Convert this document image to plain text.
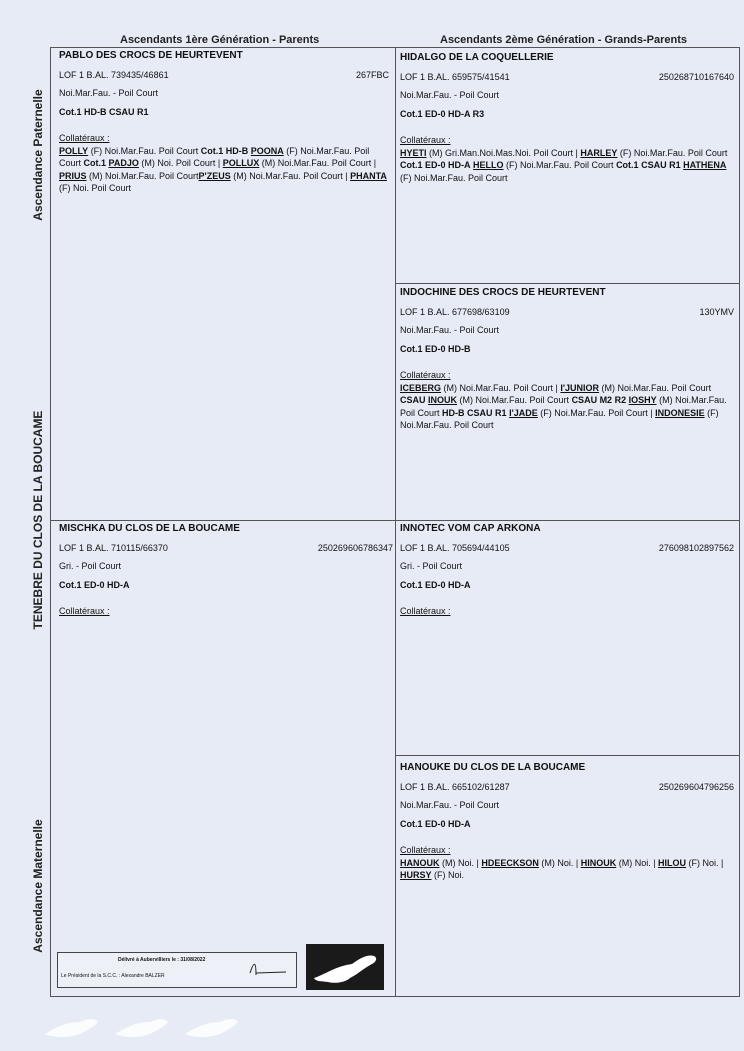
Ascendants 1ère Génération - Parents	Ascendants 2ème Génération - Grands-Parents
Ascendance Paternelle
TENEBRE DU CLOS DE LA BOUCAME
Ascendance Maternelle
PABLO DES CROCS DE HEURTEVENT
LOF 1 B.AL. 739435/46861	267FBC
Noi.Mar.Fau. - Poil Court
Cot.1 HD-B CSAU R1
Collatéraux :
POLLY (F) Noi.Mar.Fau. Poil Court Cot.1 HD-B POONA (F) Noi.Mar.Fau. Poil Court Cot.1 PADJO (M) Noi. Poil Court | POLLUX (M) Noi.Mar.Fau. Poil Court | PRIUS (M) Noi.Mar.Fau. Poil CourtP'ZEUS (M) Noi.Mar.Fau. Poil Court | PHANTA (F) Noi. Poil Court
HIDALGO DE LA COQUELLERIE
LOF 1 B.AL. 659575/41541	250268710167640
Noi.Mar.Fau. - Poil Court
Cot.1 ED-0 HD-A R3
Collatéraux :
HYETI (M) Gri.Man.Noi.Mas.Noi. Poil Court | HARLEY (F) Noi.Mar.Fau. Poil Court Cot.1 ED-0 HD-A HELLO (F) Noi.Mar.Fau. Poil Court Cot.1 CSAU R1 HATHENA (F) Noi.Mar.Fau. Poil Court
INDOCHINE DES CROCS DE HEURTEVENT
LOF 1 B.AL. 677698/63109	130YMV
Noi.Mar.Fau. - Poil Court
Cot.1 ED-0 HD-B
Collatéraux :
ICEBERG (M) Noi.Mar.Fau. Poil Court | I'JUNIOR (M) Noi.Mar.Fau. Poil Court CSAU INOUK (M) Noi.Mar.Fau. Poil Court CSAU M2 R2 IOSHY (M) Noi.Mar.Fau. Poil Court HD-B CSAU R1 I'JADE (F) Noi.Mar.Fau. Poil Court | INDONESIE (F) Noi.Mar.Fau. Poil Court
MISCHKA DU CLOS DE LA BOUCAME
LOF 1 B.AL. 710115/66370	250269606786347
Gri. - Poil Court
Cot.1 ED-0 HD-A
Collatéraux :
INNOTEC VOM CAP ARKONA
LOF 1 B.AL. 705694/44105	276098102897562
Gri. - Poil Court
Cot.1 ED-0 HD-A
Collatéraux :
HANOUKE DU CLOS DE LA BOUCAME
LOF 1 B.AL. 665102/61287	250269604796256
Noi.Mar.Fau. - Poil Court
Cot.1 ED-0 HD-A
Collatéraux :
HANOUK (M) Noi. | HDEECKSON (M) Noi. | HINOUK (M) Noi. | HILOU (F) Noi. | HURSY (F) Noi.
Délivré à Aubervilliers le : 31/08/2022
Le Président de la S.C.C. : Alexandre BALZER
